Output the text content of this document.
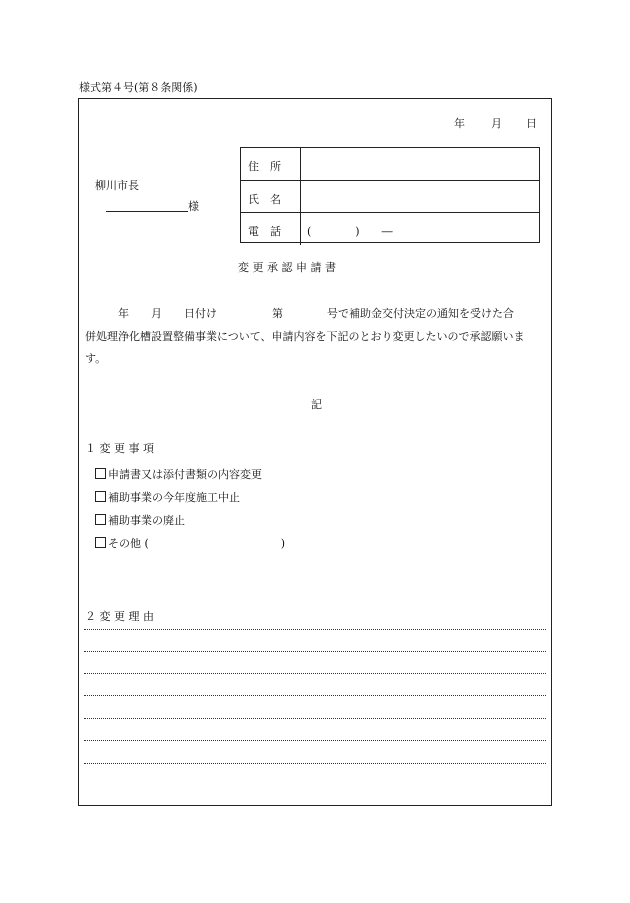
様式第４号(第８条関係)
年 月 日
柳川市長
様
住　所
氏　名
電　話 (　　　　)　　―
変 更 承 認 申 請 書
　　　年　　月　　日付け　　　　　第　　　　号で補助金交付決定の通知を受けた合
併処理浄化槽設置整備事業について、申請内容を下記のとおり変更したいので承認願いま
す。
記
１ 変 更 事 項
申請書又は添付書類の内容変更
補助事業の今年度施工中止
補助事業の廃止
その他 (　　　　　　　　　　　　)
２ 変 更 理 由
